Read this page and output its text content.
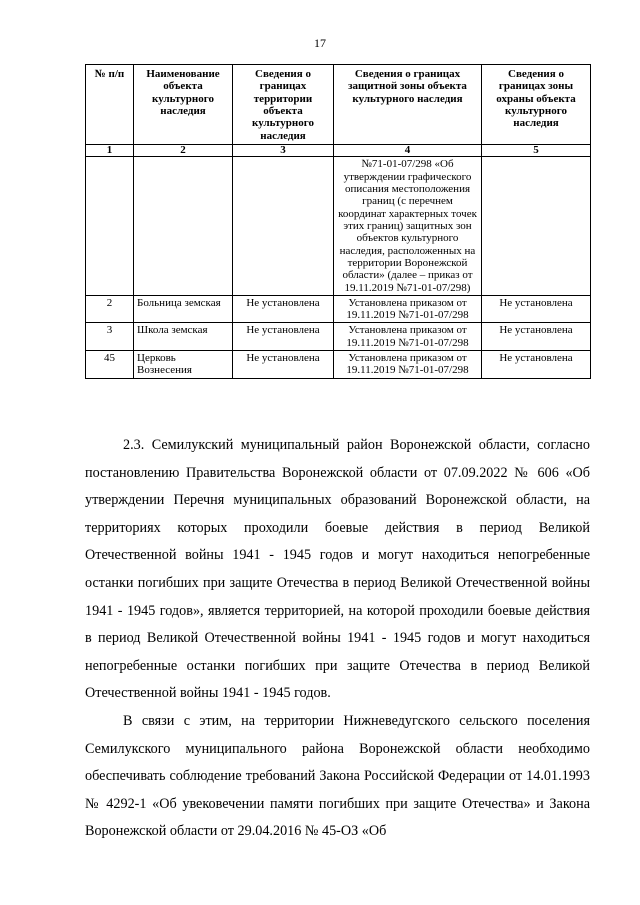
17
№ п/п	Наименование объекта культурного наследия	Сведения о границах территории объекта культурного наследия	Сведения о границах защитной зоны объекта культурного наследия	Сведения о границах зоны охраны объекта культурного наследия
1	2	3	4	5
			№71-01-07/298 «Об утверждении графического описания местоположения границ (с перечнем координат характерных точек этих границ) защитных зон объектов культурного наследия, расположенных на территории Воронежской области» (далее – приказ от 19.11.2019 №71-01-07/298)	
2	Больница земская	Не установлена	Установлена приказом от 19.11.2019 №71-01-07/298	Не установлена
3	Школа земская	Не установлена	Установлена приказом от 19.11.2019 №71-01-07/298	Не установлена
45	Церковь Вознесения	Не установлена	Установлена приказом от 19.11.2019 №71-01-07/298	Не установлена

2.3. Семилукский муниципальный район Воронежской области, согласно постановлению Правительства Воронежской области от 07.09.2022 № 606 «Об утверждении Перечня муниципальных образований Воронежской области, на территориях которых проходили боевые действия в период Великой Отечественной войны 1941 - 1945 годов и могут находиться непогребенные останки погибших при защите Отечества в период Великой Отечественной войны 1941 - 1945 годов», является территорией, на которой проходили боевые действия в период Великой Отечественной войны 1941 - 1945 годов и могут находиться непогребенные останки погибших при защите Отечества в период Великой Отечественной войны 1941 - 1945 годов.

В связи с этим, на территории Нижневедугского сельского поселения Семилукского муниципального района Воронежской области необходимо обеспечивать соблюдение требований Закона Российской Федерации от 14.01.1993 № 4292-1 «Об увековечении памяти погибших при защите Отечества» и Закона Воронежской области от 29.04.2016 № 45-ОЗ «Об
